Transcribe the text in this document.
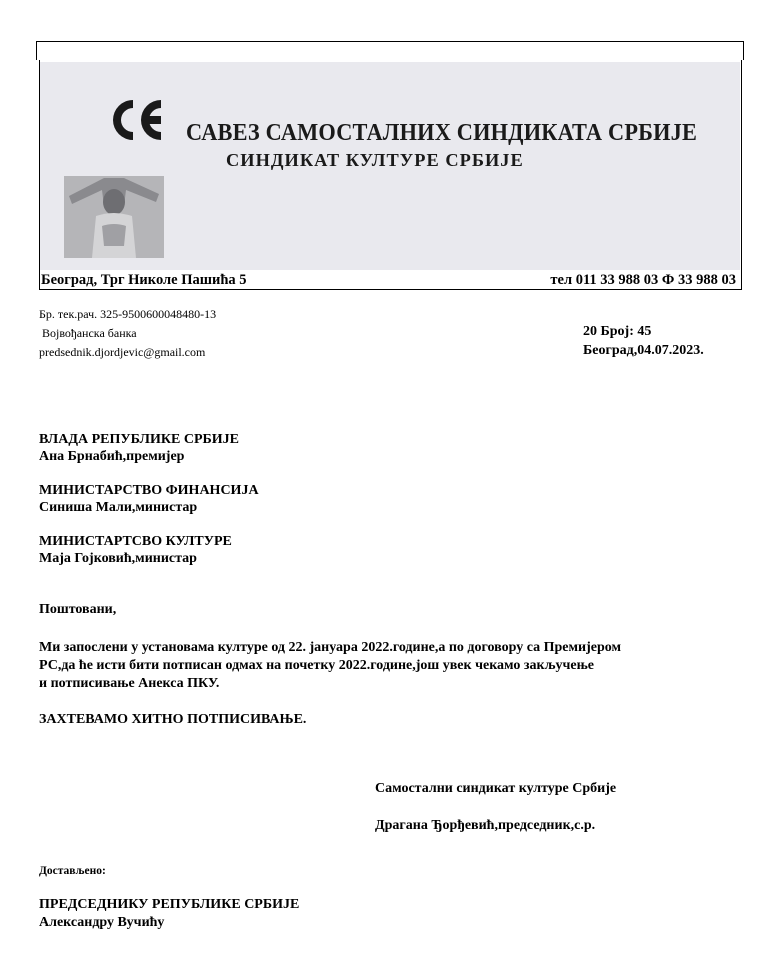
САВЕЗ САМОСТАЛНИХ СИНДИКАТА СРБИЈЕ
СИНДИКАТ КУЛТУРЕ СРБИЈЕ
Београд, Трг Николе Пашића 5	тел 011 33 988 03 Ф 33 988 03
Бр. тек.рач. 325-9500600048480-13
Војвођанска банка
predsednik.djordjevic@gmail.com
20 Број: 45
Београд,04.07.2023.
ВЛАДА РЕПУБЛИКЕ СРБИЈЕ
Ана Брнабић,премијер
МИНИСТАРСТВО ФИНАНСИЈА
Синиша Мали,министар
МИНИСТАРТСВО КУЛТУРЕ
Маја Гојковић,министар
Поштовани,
Ми запослени у установама културе од 22. јануара 2022.године,а по договору са Премијером
РС,да ће исти бити потписан одмах на почетку 2022.године,још увек чекамо закључење
и потписивање Анекса ПКУ.
ЗАХТЕВАМО ХИТНО ПОТПИСИВАЊЕ.
Самостални синдикат културе Србије
Драгана Ђорђевић,председник,с.р.
Достављено:
ПРЕДСЕДНИКУ РЕПУБЛИКЕ СРБИЈЕ
Александру Вучићу
